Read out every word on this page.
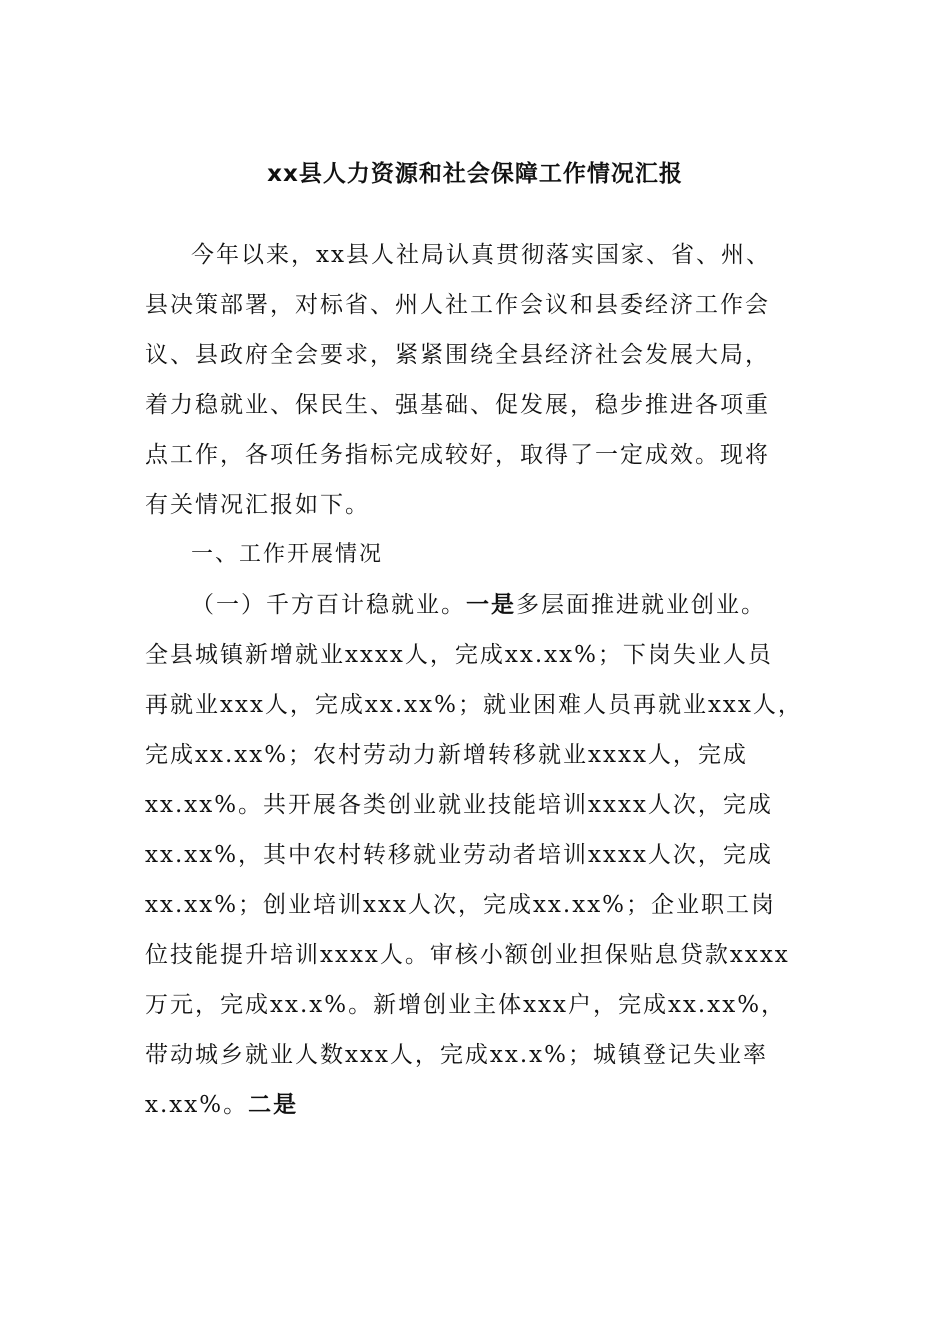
xx县人力资源和社会保障工作情况汇报
今年以来，xx县人社局认真贯彻落实国家、省、州、
县决策部署，对标省、州人社工作会议和县委经济工作会
议、县政府全会要求，紧紧围绕全县经济社会发展大局，
着力稳就业、保民生、强基础、促发展，稳步推进各项重
点工作，各项任务指标完成较好，取得了一定成效。现将
有关情况汇报如下。
一、工作开展情况
（一）千方百计稳就业。一是多层面推进就业创业。
全县城镇新增就业xxxx人，完成xx.xx%；下岗失业人员
再就业xxx人，完成xx.xx%；就业困难人员再就业xxx人，
完成xx.xx%；农村劳动力新增转移就业xxxx人，完成
xx.xx%。共开展各类创业就业技能培训xxxx人次，完成
xx.xx%，其中农村转移就业劳动者培训xxxx人次，完成
xx.xx%；创业培训xxx人次，完成xx.xx%；企业职工岗
位技能提升培训xxxx人。审核小额创业担保贴息贷款xxxx
万元，完成xx.x%。新增创业主体xxx户，完成xx.xx%，
带动城乡就业人数xxx人，完成xx.x%；城镇登记失业率
x.xx%。二是
